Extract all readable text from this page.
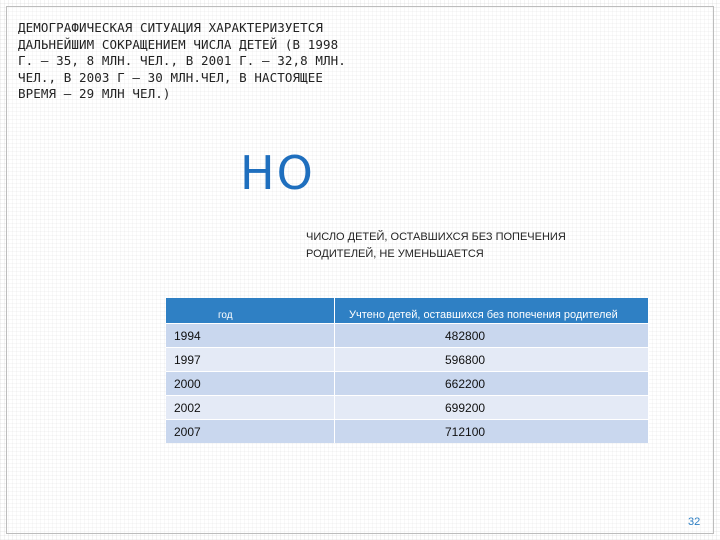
ДЕМОГРАФИЧЕСКАЯ СИТУАЦИЯ ХАРАКТЕРИЗУЕТСЯ ДАЛЬНЕЙШИМ СОКРАЩЕНИЕМ ЧИСЛА ДЕТЕЙ (В 1998 Г. – 35, 8 МЛН. ЧЕЛ., В 2001 Г. – 32,8 МЛН. ЧЕЛ., В 2003 Г – 30 МЛН.ЧЕЛ, В НАСТОЯЩЕЕ ВРЕМЯ – 29 МЛН ЧЕЛ.)
НО
ЧИСЛО ДЕТЕЙ, ОСТАВШИХСЯ БЕЗ ПОПЕЧЕНИЯ РОДИТЕЛЕЙ, НЕ УМЕНЬШАЕТСЯ
год	Учтено детей, оставшихся без попечения родителей
1994	482800
1997	596800
2000	662200
2002	699200
2007	712100
32
